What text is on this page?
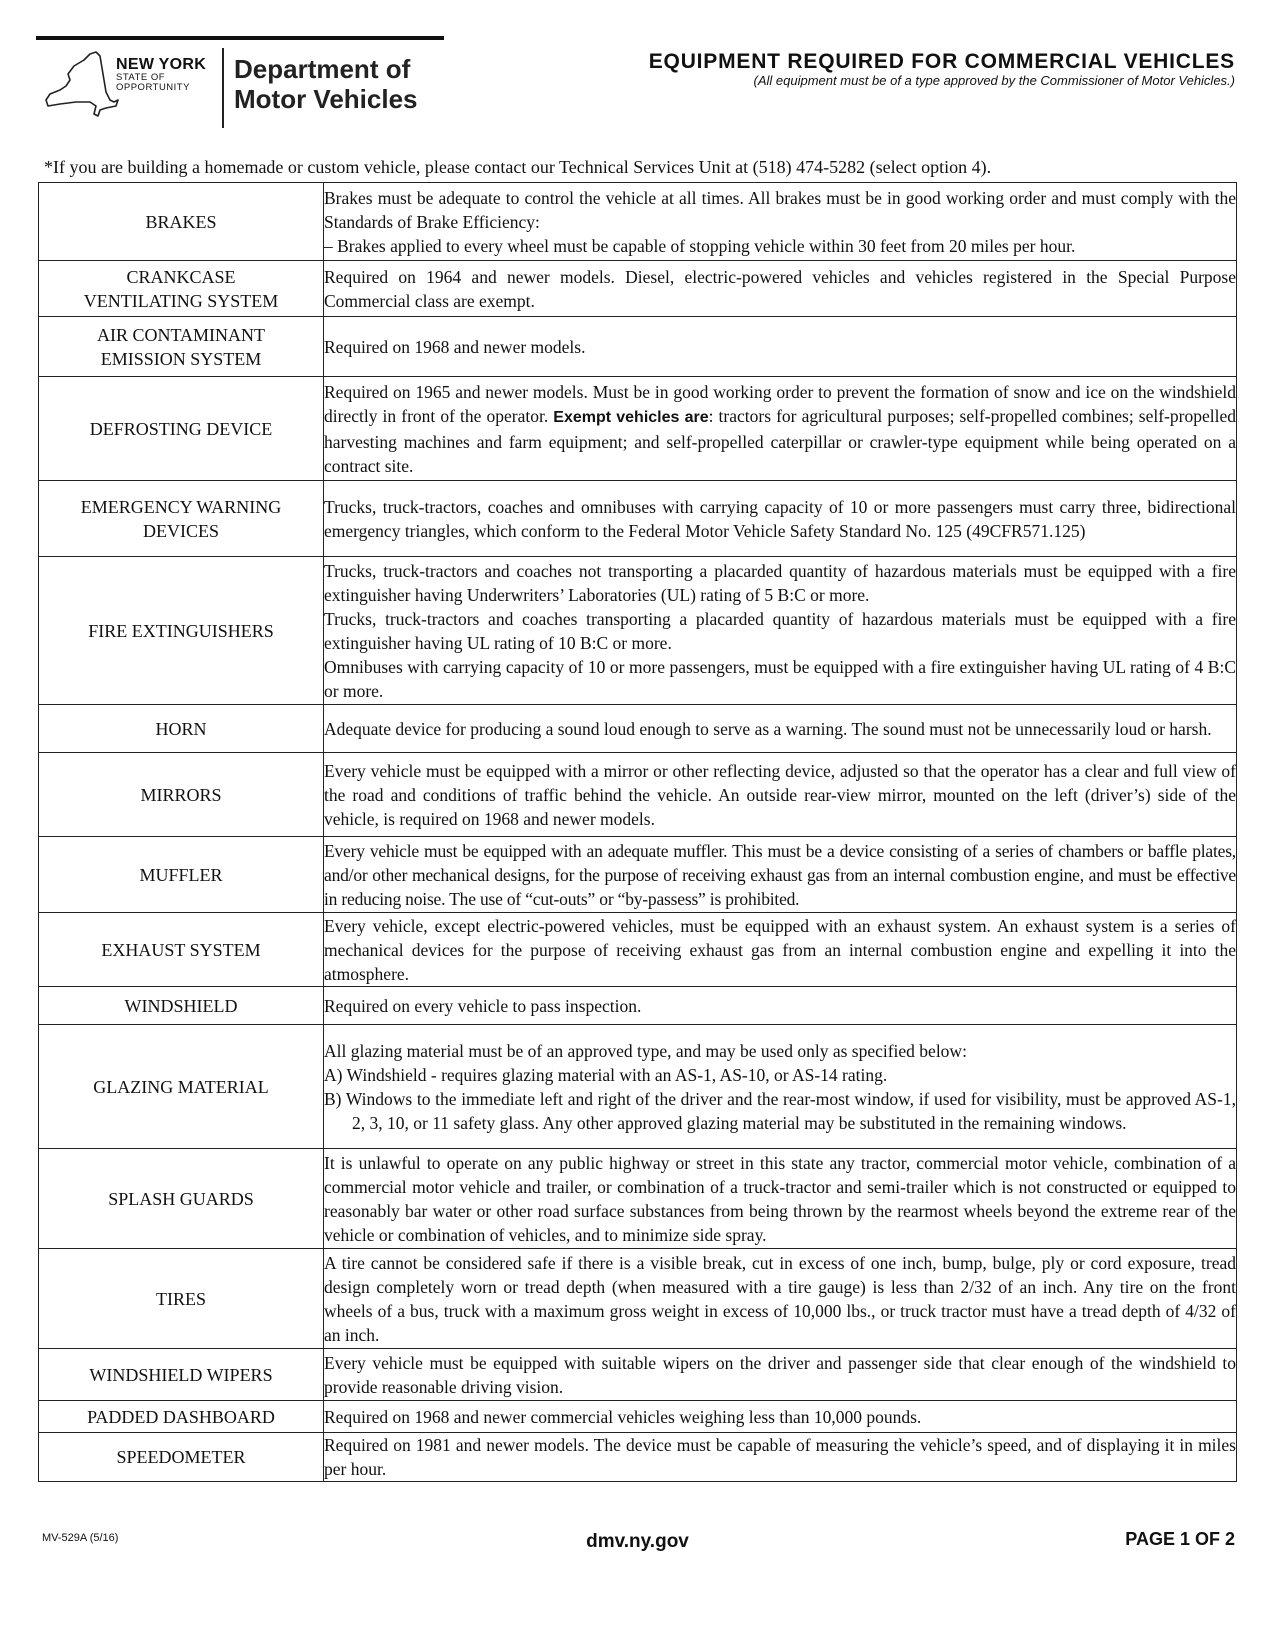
NEW YORK
STATE OF
OPPORTUNITY
Department of
Motor Vehicles
EQUIPMENT REQUIRED FOR COMMERCIAL VEHICLES
(All equipment must be of a type approved by the Commissioner of Motor Vehicles.)
*If you are building a homemade or custom vehicle, please contact our Technical Services Unit at (518) 474-5282 (select option 4).
BRAKES	Brakes must be adequate to control the vehicle at all times. All brakes must be in good working order and must comply with the Standards of Brake Efficiency:
– Brakes applied to every wheel must be capable of stopping vehicle within 30 feet from 20 miles per hour.

CRANKCASE
VENTILATING SYSTEM	Required on 1964 and newer models. Diesel, electric-powered vehicles and vehicles registered in the Special Purpose Commercial class are exempt.

AIR CONTAMINANT
EMISSION SYSTEM	Required on 1968 and newer models.

DEFROSTING DEVICE	Required on 1965 and newer models. Must be in good working order to prevent the formation of snow and ice on the windshield directly in front of the operator. Exempt vehicles are: tractors for agricultural purposes; self-propelled combines; self-propelled harvesting machines and farm equipment; and self-propelled caterpillar or crawler-type equipment while being operated on a contract site.

EMERGENCY WARNING
DEVICES	Trucks, truck-tractors, coaches and omnibuses with carrying capacity of 10 or more passengers must carry three, bidirectional emergency triangles, which conform to the Federal Motor Vehicle Safety Standard No. 125 (49CFR571.125)

FIRE EXTINGUISHERS	Trucks, truck-tractors and coaches not transporting a placarded quantity of hazardous materials must be equipped with a fire extinguisher having Underwriters’ Laboratories (UL) rating of 5 B:C or more.
Trucks, truck-tractors and coaches transporting a placarded quantity of hazardous materials must be equipped with a fire extinguisher having UL rating of 10 B:C or more.
Omnibuses with carrying capacity of 10 or more passengers, must be equipped with a fire extinguisher having UL rating of 4 B:C or more.

HORN	Adequate device for producing a sound loud enough to serve as a warning. The sound must not be unnecessarily loud or harsh.

MIRRORS	Every vehicle must be equipped with a mirror or other reflecting device, adjusted so that the operator has a clear and full view of the road and conditions of traffic behind the vehicle. An outside rear-view mirror, mounted on the left (driver’s) side of the vehicle, is required on 1968 and newer models.

MUFFLER	Every vehicle must be equipped with an adequate muffler. This must be a device consisting of a series of chambers or baffle plates, and/or other mechanical designs, for the purpose of receiving exhaust gas from an internal combustion engine, and must be effective in reducing noise. The use of “cut-outs” or “by-passess” is prohibited.

EXHAUST SYSTEM	Every vehicle, except electric-powered vehicles, must be equipped with an exhaust system. An exhaust system is a series of mechanical devices for the purpose of receiving exhaust gas from an internal combustion engine and expelling it into the atmosphere.

WINDSHIELD	Required on every vehicle to pass inspection.

GLAZING MATERIAL	All glazing material must be of an approved type, and may be used only as specified below:
A) Windshield - requires glazing material with an AS-1, AS-10, or AS-14 rating.
B) Windows to the immediate left and right of the driver and the rear-most window, if used for visibility, must be approved AS-1, 2, 3, 10, or 11 safety glass. Any other approved glazing material may be substituted in the remaining windows.

SPLASH GUARDS	It is unlawful to operate on any public highway or street in this state any tractor, commercial motor vehicle, combination of a commercial motor vehicle and trailer, or combination of a truck-tractor and semi-trailer which is not constructed or equipped to reasonably bar water or other road surface substances from being thrown by the rearmost wheels beyond the extreme rear of the vehicle or combination of vehicles, and to minimize side spray.

TIRES	A tire cannot be considered safe if there is a visible break, cut in excess of one inch, bump, bulge, ply or cord exposure, tread design completely worn or tread depth (when measured with a tire gauge) is less than 2/32 of an inch. Any tire on the front wheels of a bus, truck with a maximum gross weight in excess of 10,000 lbs., or truck tractor must have a tread depth of 4/32 of an inch.

WINDSHIELD WIPERS	Every vehicle must be equipped with suitable wipers on the driver and passenger side that clear enough of the windshield to provide reasonable driving vision.

PADDED DASHBOARD	Required on 1968 and newer commercial vehicles weighing less than 10,000 pounds.

SPEEDOMETER	Required on 1981 and newer models. The device must be capable of measuring the vehicle’s speed, and of displaying it in miles per hour.
MV-529A (5/16)	dmv.ny.gov	PAGE 1 OF 2
